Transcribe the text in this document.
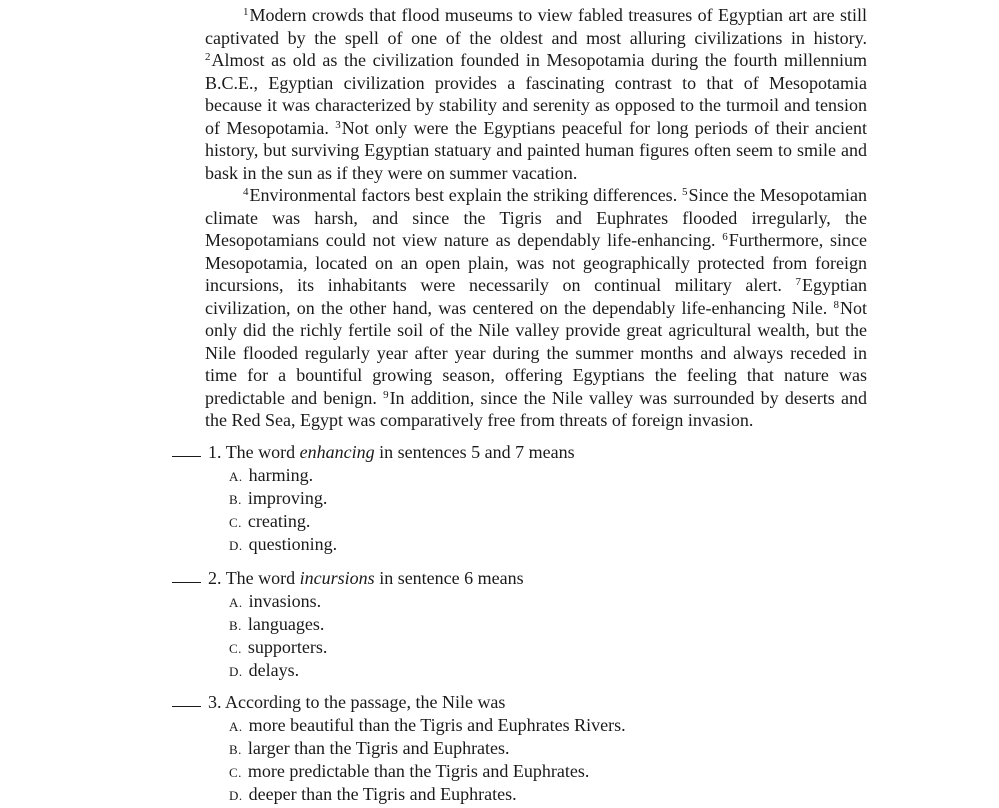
$^1$Modern crowds that flood museums to view fabled treasures of Egyptian art are still captivated by the spell of one of the oldest and most alluring civilizations in history. $^2$Almost as old as the civilization founded in Mesopotamia during the fourth millennium B.C.E., Egyptian civilization provides a fascinating contrast to that of Mesopotamia because it was characterized by stability and serenity as opposed to the turmoil and tension of Mesopotamia. $^3$Not only were the Egyptians peaceful for long periods of their ancient history, but surviving Egyptian statuary and painted human figures often seem to smile and bask in the sun as if they were on summer vacation.

$^4$Environmental factors best explain the striking differences. $^5$Since the Mesopotamian climate was harsh, and since the Tigris and Euphrates flooded irregularly, the Mesopotamians could not view nature as dependably life-enhancing. $^6$Furthermore, since Mesopotamia, located on an open plain, was not geographically protected from foreign incursions, its inhabitants were necessarily on continual military alert. $^7$Egyptian civilization, on the other hand, was centered on the dependably life-enhancing Nile. $^8$Not only did the richly fertile soil of the Nile valley provide great agricultural wealth, but the Nile flooded regularly year after year during the summer months and always receded in time for a bountiful growing season, offering Egyptians the feeling that nature was predictable and benign. $^9$In addition, since the Nile valley was surrounded by deserts and the Red Sea, Egypt was comparatively free from threats of foreign invasion.

1. The word enhancing in sentences 5 and 7 means
A. harming.
B. improving.
C. creating.
D. questioning.
2. The word incursions in sentence 6 means
A. invasions.
B. languages.
C. supporters.
D. delays.
3. According to the passage, the Nile was
A. more beautiful than the Tigris and Euphrates Rivers.
B. larger than the Tigris and Euphrates.
C. more predictable than the Tigris and Euphrates.
D. deeper than the Tigris and Euphrates.
